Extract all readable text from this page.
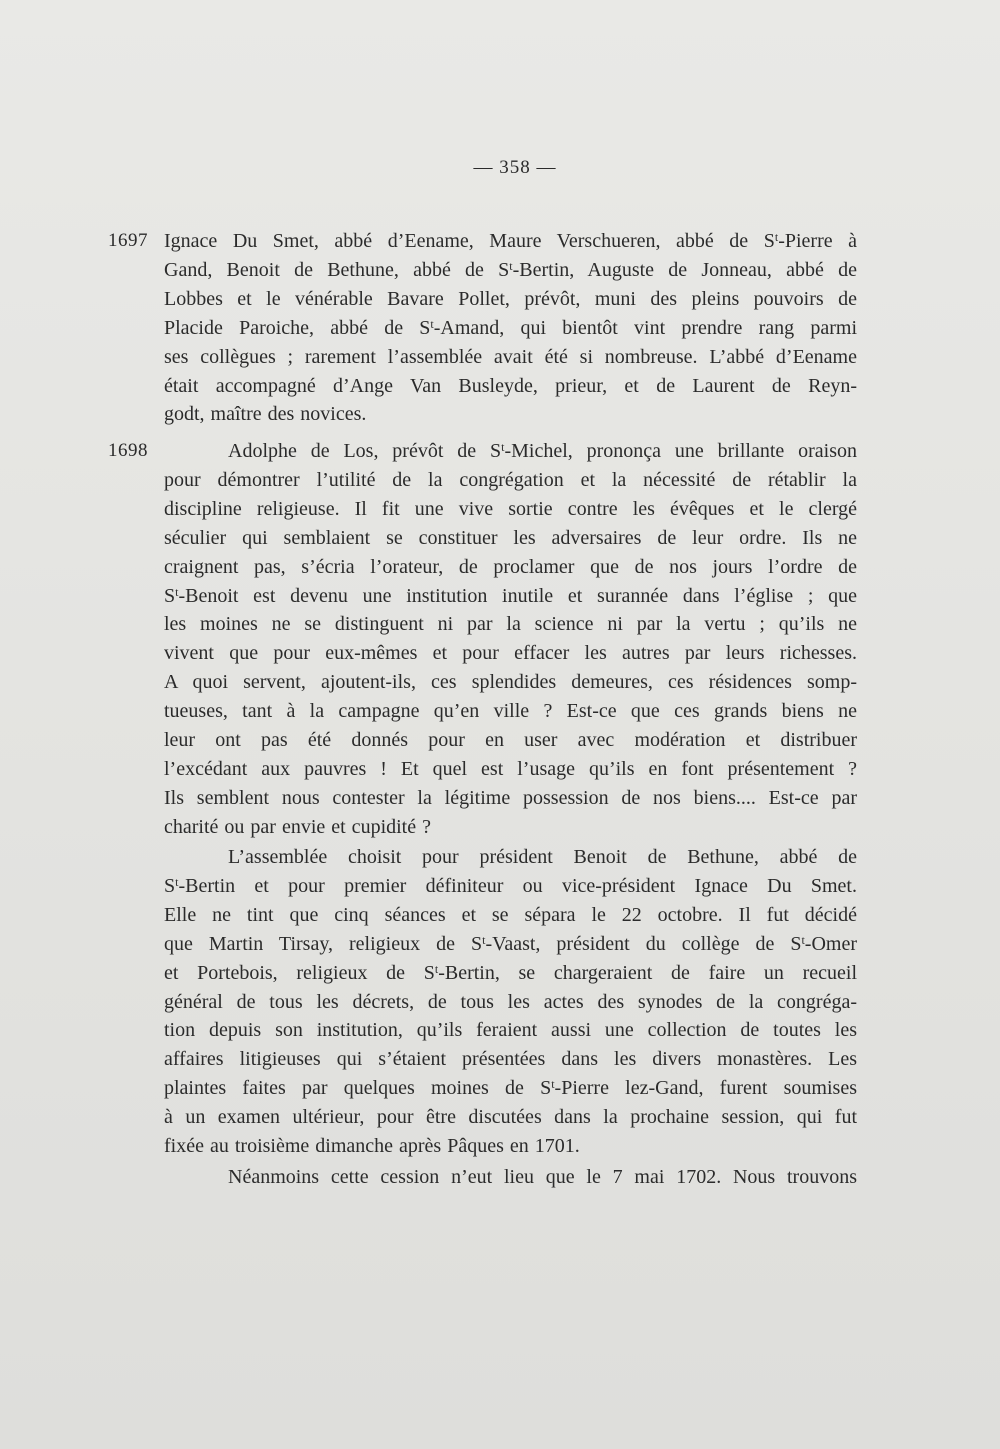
— 358 —
1697 Ignace Du Smet, abbé d’Eename, Maure Verschueren, abbé de $S^t$-Pierre à
Gand, Benoit de Bethune, abbé de $S^t$-Bertin, Auguste de Jonneau, abbé de
Lobbes et le vénérable Bavare Pollet, prévôt, muni des pleins pouvoirs de
Placide Paroiche, abbé de $S^t$-Amand, qui bientôt vint prendre rang parmi
ses collègues ; rarement l’assemblée avait été si nombreuse. L’abbé d’Eename
était accompagné d’Ange Van Busleyde, prieur, et de Laurent de Reyn-
godt, maître des novices.
1698	Adolphe de Los, prévôt de $S^t$-Michel, prononça une brillante oraison
pour démontrer l’utilité de la congrégation et la nécessité de rétablir la
discipline religieuse. Il fit une vive sortie contre les évêques et le clergé
séculier qui semblaient se constituer les adversaires de leur ordre. Ils ne
craignent pas, s’écria l’orateur, de proclamer que de nos jours l’ordre de
$S^t$-Benoit est devenu une institution inutile et surannée dans l’église ; que
les moines ne se distinguent ni par la science ni par la vertu ; qu’ils ne
vivent que pour eux-mêmes et pour effacer les autres par leurs richesses.
A quoi servent, ajoutent-ils, ces splendides demeures, ces résidences somp-
tueuses, tant à la campagne qu’en ville ? Est-ce que ces grands biens ne
leur ont pas été donnés pour en user avec modération et distribuer
l’excédant aux pauvres ! Et quel est l’usage qu’ils en font présentement ?
Ils semblent nous contester la légitime possession de nos biens.... Est-ce par
charité ou par envie et cupidité ?
L’assemblée choisit pour président Benoit de Bethune, abbé de
$S^t$-Bertin et pour premier définiteur ou vice-président Ignace Du Smet.
Elle ne tint que cinq séances et se sépara le 22 octobre. Il fut décidé
que Martin Tirsay, religieux de $S^t$-Vaast, président du collège de $S^t$-Omer
et Portebois, religieux de $S^t$-Bertin, se chargeraient de faire un recueil
général de tous les décrets, de tous les actes des synodes de la congréga-
tion depuis son institution, qu’ils feraient aussi une collection de toutes les
affaires litigieuses qui s’étaient présentées dans les divers monastères. Les
plaintes faites par quelques moines de $S^t$-Pierre lez-Gand, furent soumises
à un examen ultérieur, pour être discutées dans la prochaine session, qui fut
fixée au troisième dimanche après Pâques en 1701.
Néanmoins cette cession n’eut lieu que le 7 mai 1702. Nous trouvons
